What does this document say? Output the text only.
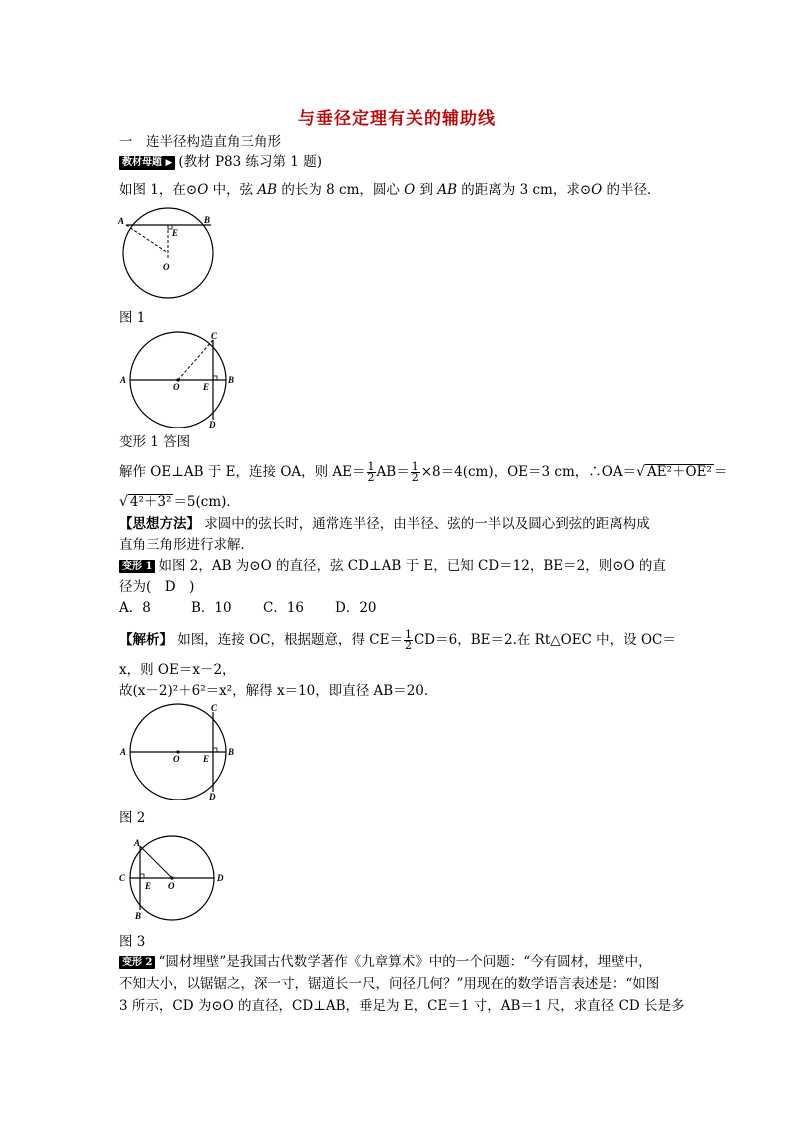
与垂径定理有关的辅助线
一　连半径构造直角三角形
教材母题 ▶ (教材 P83 练习第 1 题)
如图 1，在⊙O 中，弦 AB 的长为 8 cm，圆心 O 到 AB 的距离为 3 cm，求⊙O 的半径．
A	B
E
O
图 1
A	B
C
D
E
O
变形 1 答图
解作 OE⊥AB 于 E，连接 OA，则 $AE= \frac{1}{2} AB= \frac{1}{2} \times 8=4(cm)$，OE＝3 cm，∴OA＝√ AE²＋OE² ＝
√ 4²＋3² ＝5(cm)．
【思想方法】 求圆中的弦长时，通常连半径，由半径、弦的一半以及圆心到弦的距离构成
直角三角形进行求解．
变形 1 如图 2，AB 为⊙O 的直径，弦 CD⊥AB 于 E，已知 CD＝12，BE＝2，则⊙O 的直
径为(　D　)
A．8	B．10 C．16 D．20
【解析】 如图，连接 OC，根据题意，得 $CE= \frac{1}{2} CD=6$，BE＝2.在 Rt△OEC 中，设 OC＝
x，则 OE＝x－2，
故(x－2)²＋6²＝x²，解得 x＝10，即直径 AB＝20.
A	B
C
D
E
O
图 2
A
B
C	D
E O
图 3
变形 2 “圆材埋壁”是我国古代数学著作《九章算术》中的一个问题：“今有圆材，埋壁中，
不知大小，以锯锯之，深一寸，锯道长一尺，问径几何？”用现在的数学语言表述是：“如图
3 所示，CD 为⊙O 的直径，CD⊥AB，垂足为 E，CE＝1 寸，AB＝1 尺，求直径 CD 长是多
